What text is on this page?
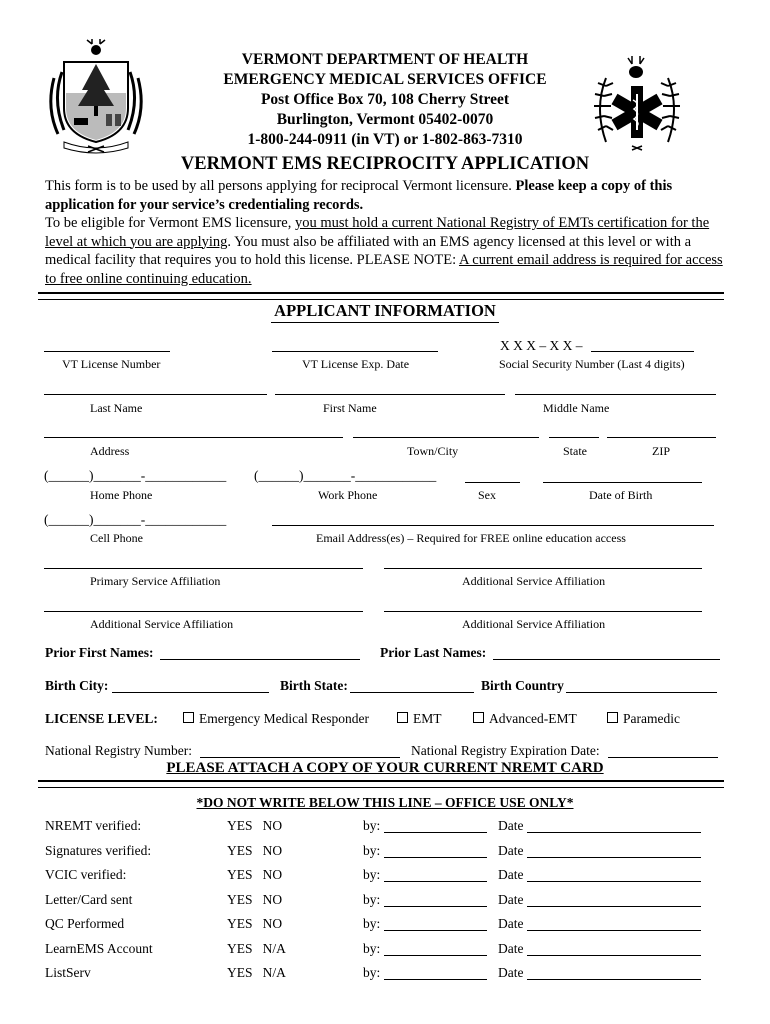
VERMONT DEPARTMENT OF HEALTH
EMERGENCY MEDICAL SERVICES OFFICE
Post Office Box 70, 108 Cherry Street
Burlington, Vermont 05402-0070
1-800-244-0911 (in VT) or 1-802-863-7310
VERMONT EMS RECIPROCITY APPLICATION
This form is to be used by all persons applying for reciprocal Vermont licensure. Please keep a copy of this application for your service’s credentialing records.
To be eligible for Vermont EMS licensure, you must hold a current National Registry of EMTs certification for the level at which you are applying. You must also be affiliated with an EMS agency licensed at this level or with a medical facility that requires you to hold this license. PLEASE NOTE: A current email address is required for access to free online continuing education.
APPLICANT INFORMATION
X X X – X X –
VT License Number	VT License Exp. Date	Social Security Number (Last 4 digits)
Last Name	First Name	Middle Name
Address	Town/City	State	ZIP
(______)_______-____________ (______)_______-____________
Home Phone	Work Phone	Sex	Date of Birth
(______)_______-____________
Cell Phone	Email Address(es) – Required for FREE online education access
Primary Service Affiliation	Additional Service Affiliation
Additional Service Affiliation	Additional Service Affiliation
Prior First Names:	Prior Last Names:
Birth City:	Birth State:	Birth Country
LICENSE LEVEL:	Emergency Medical Responder	EMT	Advanced-EMT	Paramedic
National Registry Number:	National Registry Expiration Date:
PLEASE ATTACH A COPY OF YOUR CURRENT NREMT CARD
*DO NOT WRITE BELOW THIS LINE – OFFICE USE ONLY*
NREMT verified:	YES   NO	by:	Date
Signatures verified:	YES   NO	by:	Date
VCIC verified:	YES   NO	by:	Date
Letter/Card sent	YES   NO	by:	Date
QC Performed	YES   NO	by:	Date
LearnEMS Account	YES   N/A	by:	Date
ListServ	YES   N/A	by:	Date
